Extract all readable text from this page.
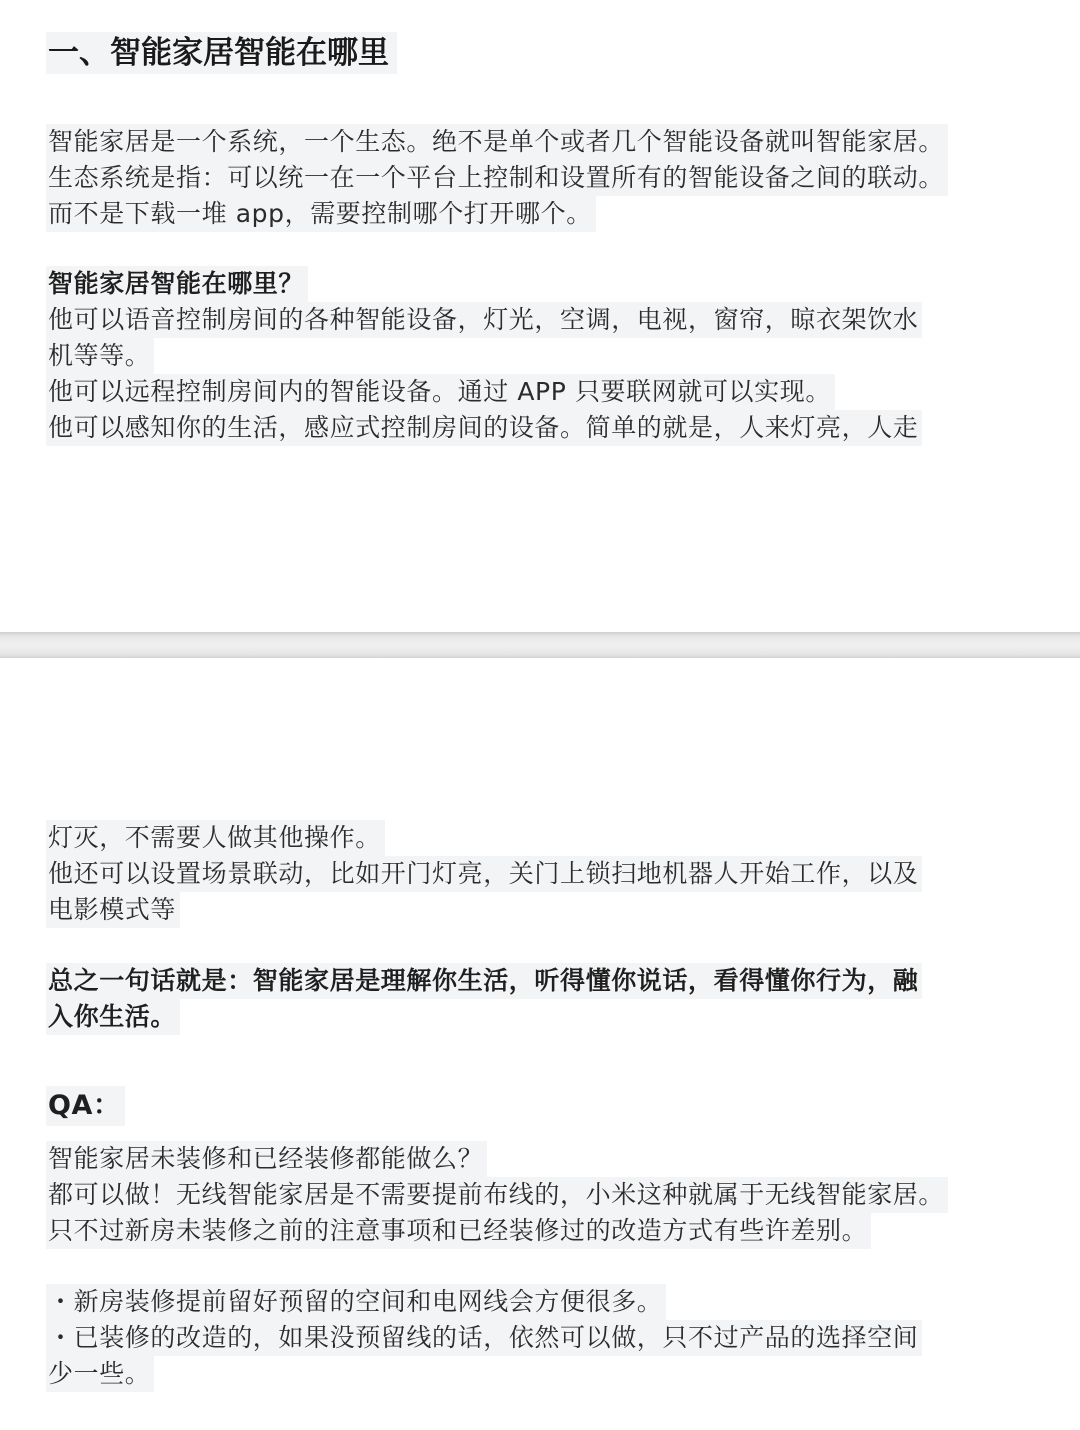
一、智能家居智能在哪里
智能家居是一个系统，一个生态。绝不是单个或者几个智能设备就叫智能家居。
生态系统是指：可以统一在一个平台上控制和设置所有的智能设备之间的联动。
而不是下载一堆 app，需要控制哪个打开哪个。
智能家居智能在哪里？
他可以语音控制房间的各种智能设备，灯光，空调，电视，窗帘，晾衣架饮水
机等等。
他可以远程控制房间内的智能设备。通过 APP 只要联网就可以实现。
他可以感知你的生活，感应式控制房间的设备。简单的就是，人来灯亮，人走
灯灭，不需要人做其他操作。
他还可以设置场景联动，比如开门灯亮，关门上锁扫地机器人开始工作，以及
电影模式等
总之一句话就是：智能家居是理解你生活，听得懂你说话，看得懂你行为，融
入你生活。
QA：
智能家居未装修和已经装修都能做么？
都可以做！无线智能家居是不需要提前布线的，小米这种就属于无线智能家居。
只不过新房未装修之前的注意事项和已经装修过的改造方式有些许差别。
・新房装修提前留好预留的空间和电网线会方便很多。
・已装修的改造的，如果没预留线的话，依然可以做，只不过产品的选择空间
少一些。
